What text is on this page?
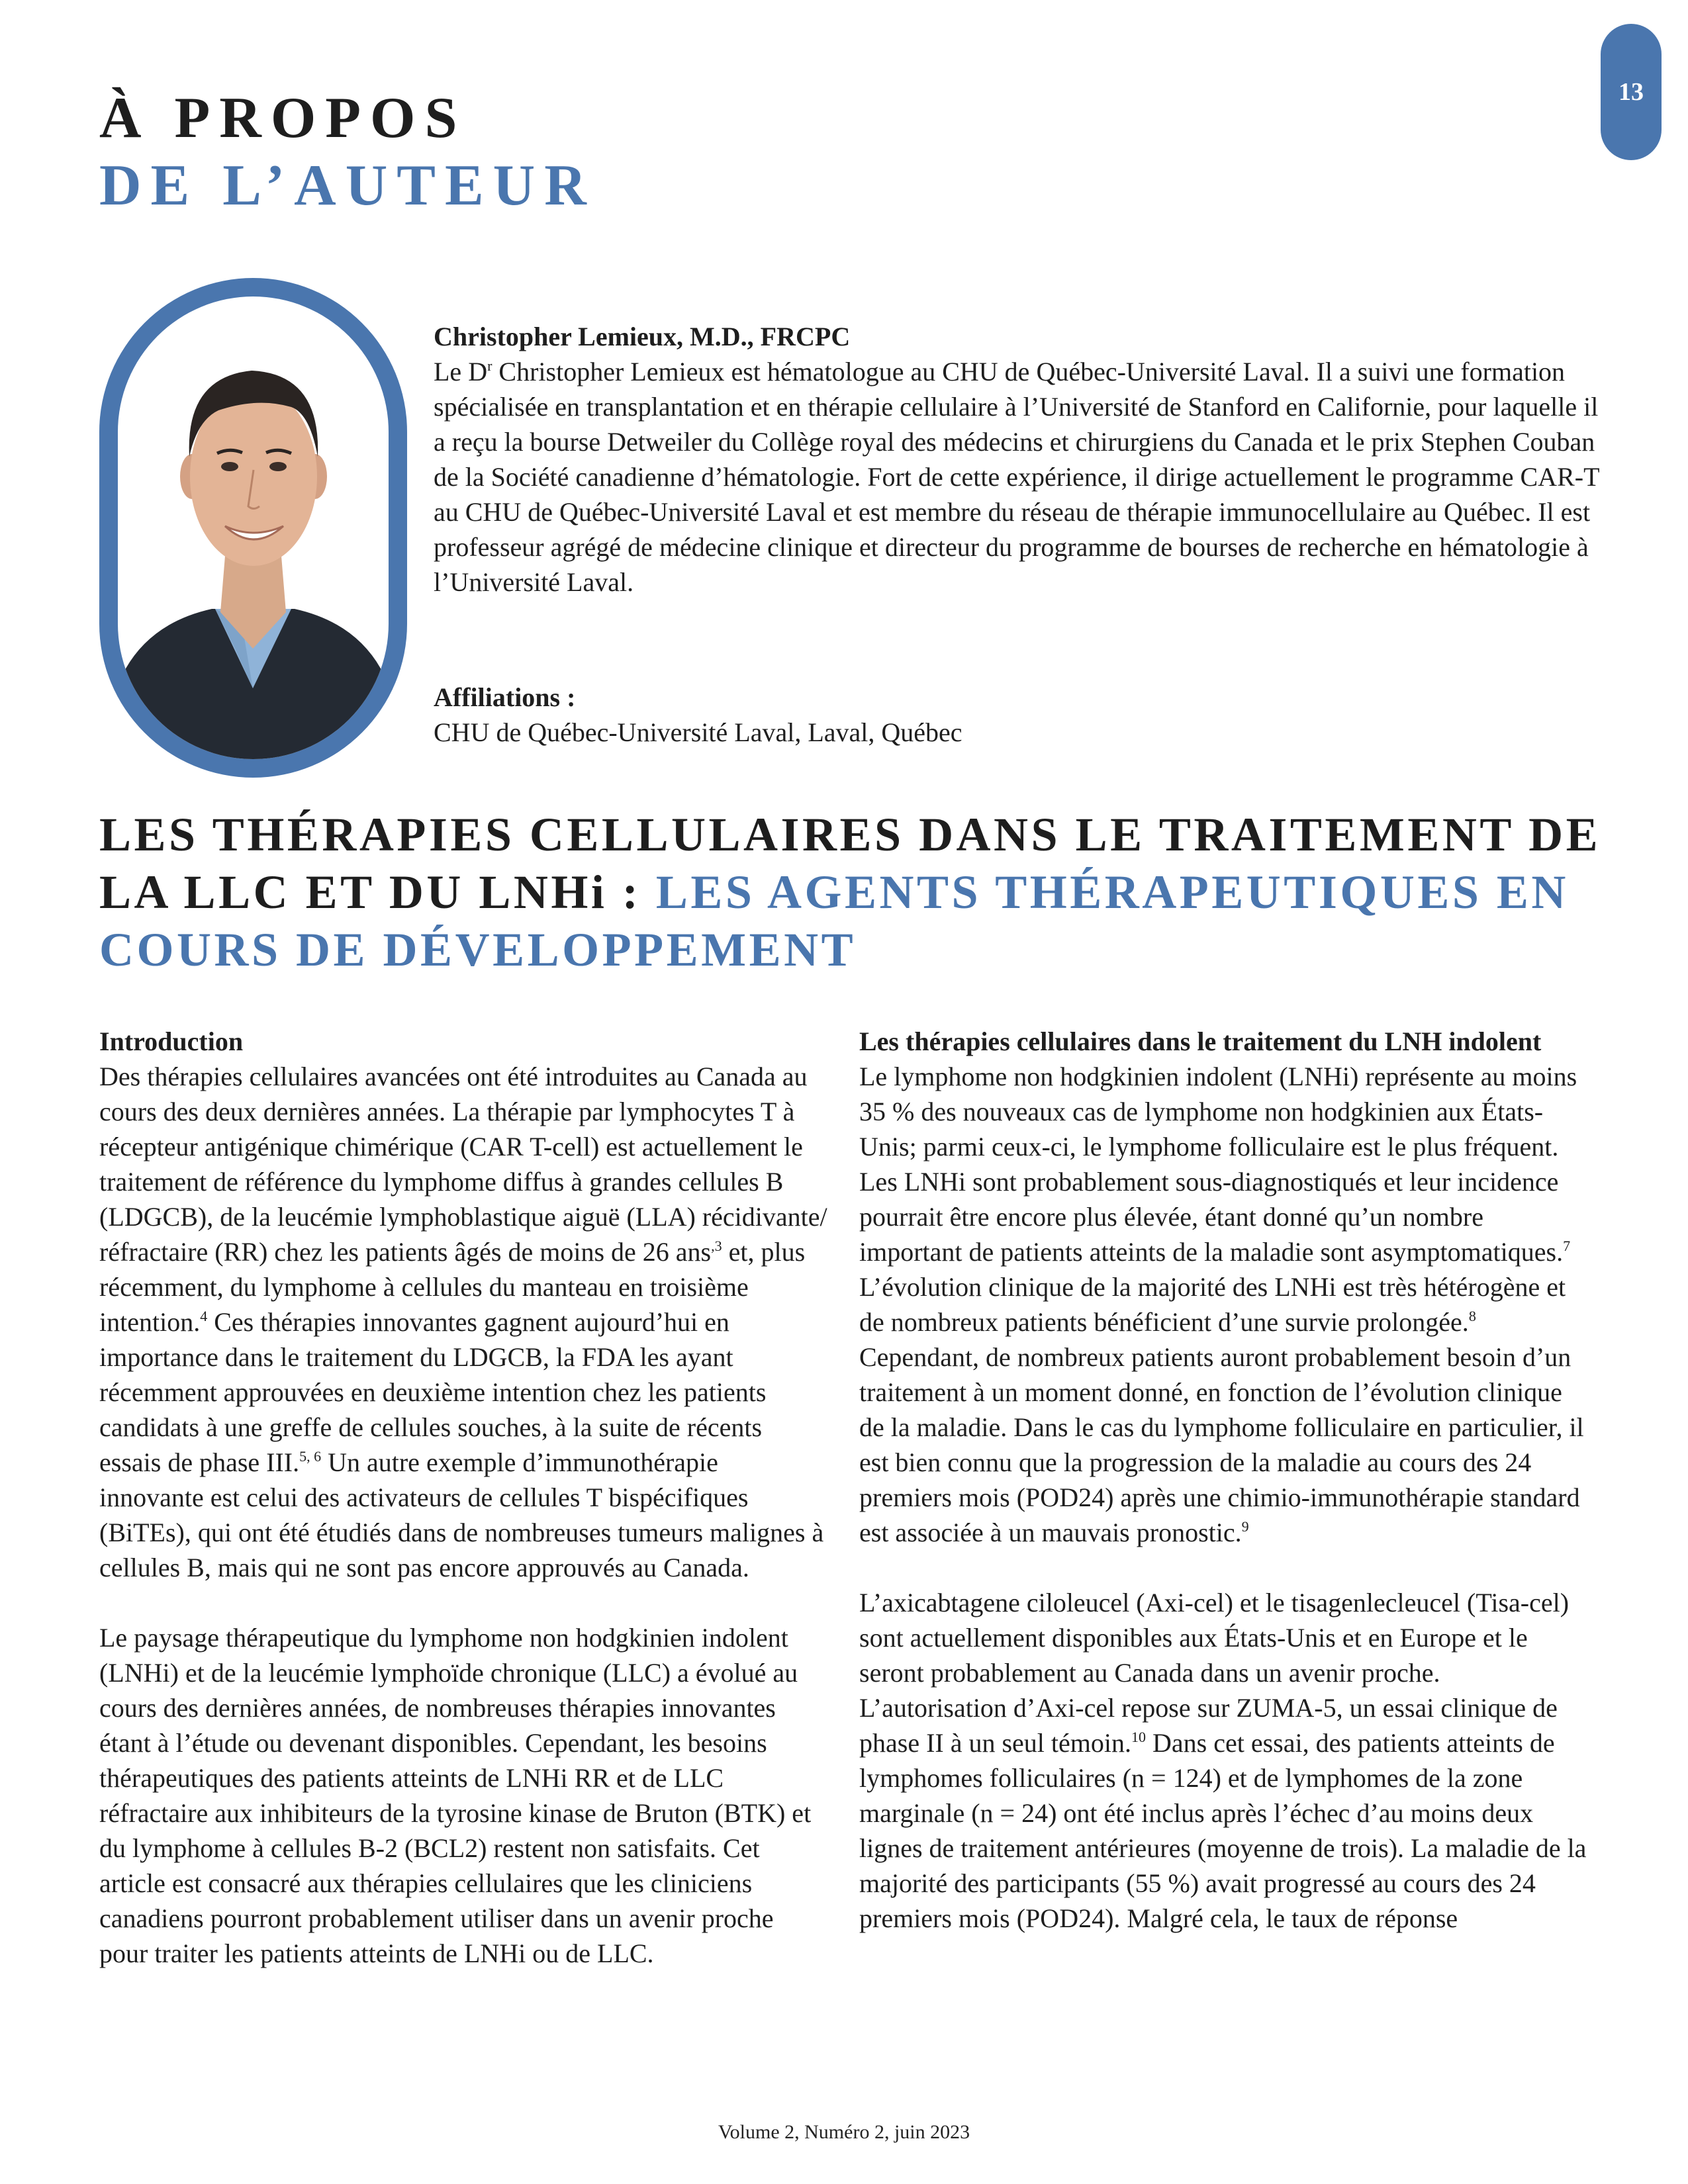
13
À PROPOS
DE L’AUTEUR

Christopher Lemieux, M.D., FRCPC

Le $D^r$ Christopher Lemieux est hématologue au CHU de Québec-Université Laval. Il a suivi une formation spécialisée en transplantation et en thérapie cellulaire à l’Université de Stanford en Californie, pour laquelle il a reçu la bourse Detweiler du Collège royal des médecins et chirurgiens du Canada et le prix Stephen Couban de la Société canadienne d’hématologie. Fort de cette expérience, il dirige actuellement le programme CAR-T au CHU de Québec-Université Laval et est membre du réseau de thérapie immunocellulaire au Québec. Il est professeur agrégé de médecine clinique et directeur du programme de bourses de recherche en hématologie à l’Université Laval.

Affiliations :

CHU de Québec-Université Laval, Laval, Québec

LES THÉRAPIES CELLULAIRES DANS LE TRAITEMENT DE LA LLC ET DU LNHi : LES AGENTS THÉRAPEUTIQUES EN COURS DE DÉVELOPPEMENT

Introduction

Des thérapies cellulaires avancées ont été introduites au Canada au cours des deux dernières années. La thérapie par lymphocytes T à récepteur antigénique chimérique (CAR T-cell) est actuellement le traitement de référence du lymphome diffus à grandes cellules B (LDGCB), de la leucémie lymphoblastique aiguë (LLA) récidivante/ réfractaire (RR) chez les patients âgés de moins de 26 ans$^{,3}$ et, plus récemment, du lymphome à cellules du manteau en troisième intention.$^4$ Ces thérapies innovantes gagnent aujourd’hui en importance dans le traitement du LDGCB, la FDA les ayant récemment approuvées en deuxième intention chez les patients candidats à une greffe de cellules souches, à la suite de récents essais de phase III.$^{5, 6}$ Un autre exemple d’immunothérapie innovante est celui des activateurs de cellules T bispécifiques (BiTEs), qui ont été étudiés dans de nombreuses tumeurs malignes à cellules B, mais qui ne sont pas encore approuvés au Canada.

Le paysage thérapeutique du lymphome non hodgkinien indolent (LNHi) et de la leucémie lymphoïde chronique (LLC) a évolué au cours des dernières années, de nombreuses thérapies innovantes étant à l’étude ou devenant disponibles. Cependant, les besoins thérapeutiques des patients atteints de LNHi RR et de LLC réfractaire aux inhibiteurs de la tyrosine kinase de Bruton (BTK) et du lymphome à cellules B-2 (BCL2) restent non satisfaits. Cet article est consacré aux thérapies cellulaires que les cliniciens canadiens pourront probablement utiliser dans un avenir proche pour traiter les patients atteints de LNHi ou de LLC.

Les thérapies cellulaires dans le traitement du LNH indolent

Le lymphome non hodgkinien indolent (LNHi) représente au moins 35 % des nouveaux cas de lymphome non hodgkinien aux États-Unis; parmi ceux-ci, le lymphome folliculaire est le plus fréquent. Les LNHi sont probablement sous-diagnostiqués et leur incidence pourrait être encore plus élevée, étant donné qu’un nombre important de patients atteints de la maladie sont asymptomatiques.$^7$ L’évolution clinique de la majorité des LNHi est très hétérogène et de nombreux patients bénéficient d’une survie prolongée.$^8$ Cependant, de nombreux patients auront probablement besoin d’un traitement à un moment donné, en fonction de l’évolution clinique de la maladie. Dans le cas du lymphome folliculaire en particulier, il est bien connu que la progression de la maladie au cours des 24 premiers mois (POD24) après une chimio-immunothérapie standard est associée à un mauvais pronostic.$^9$

L’axicabtagene ciloleucel (Axi-cel) et le tisagenlecleucel (Tisa-cel) sont actuellement disponibles aux États-Unis et en Europe et le seront probablement au Canada dans un avenir proche. L’autorisation d’Axi-cel repose sur ZUMA-5, un essai clinique de phase II à un seul témoin.$^{10}$ Dans cet essai, des patients atteints de lymphomes folliculaires (n = 124) et de lymphomes de la zone marginale (n = 24) ont été inclus après l’échec d’au moins deux lignes de traitement antérieures (moyenne de trois). La maladie de la majorité des participants (55 %) avait progressé au cours des 24 premiers mois (POD24). Malgré cela, le taux de réponse

Volume 2, Numéro 2, juin 2023
